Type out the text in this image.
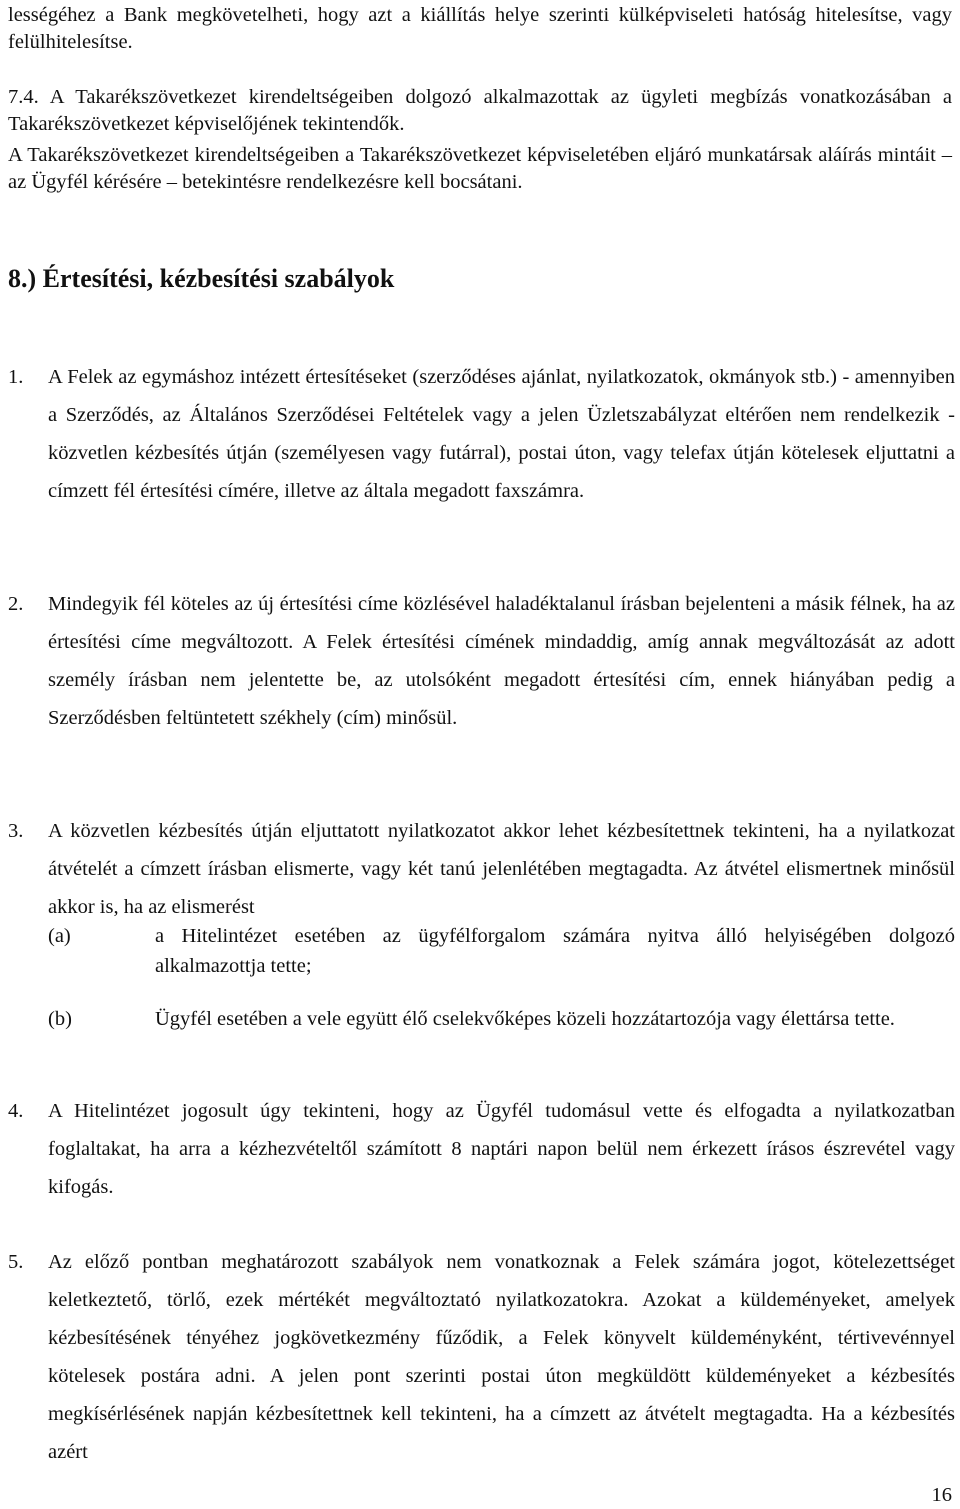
lességéhez a Bank megkövetelheti, hogy azt a kiállítás helye szerinti külképviseleti hatóság hitelesítse, vagy felülhitelesítse.

7.4. A Takarékszövetkezet kirendeltségeiben dolgozó alkalmazottak az ügyleti megbízás vonatkozásában a Takarékszövetkezet képviselőjének tekintendők.

A Takarékszövetkezet kirendeltségeiben a Takarékszövetkezet képviseletében eljáró munkatársak aláírás mintáit – az Ügyfél kérésére – betekintésre rendelkezésre kell bocsátani.

8.) Értesítési, kézbesítési szabályok
1. A Felek az egymáshoz intézett értesítéseket (szerződéses ajánlat, nyilatkozatok, okmányok stb.) - amennyiben a Szerződés, az Általános Szerződései Feltételek vagy a jelen Üzletszabályzat eltérően nem rendelkezik - közvetlen kézbesítés útján (személyesen vagy futárral), postai úton, vagy telefax útján kötelesek eljuttatni a címzett fél értesítési címére, illetve az általa megadott faxszámra.

2. Mindegyik fél köteles az új értesítési címe közlésével haladéktalanul írásban bejelenteni a másik félnek, ha az értesítési címe megváltozott. A Felek értesítési címének mindaddig, amíg annak megváltozását az adott személy írásban nem jelentette be, az utolsóként megadott értesítési cím, ennek hiányában pedig a Szerződésben feltüntetett székhely (cím) minősül.

3. A közvetlen kézbesítés útján eljuttatott nyilatkozatot akkor lehet kézbesítettnek tekinteni, ha a nyilatkozat átvételét a címzett írásban elismerte, vagy két tanú jelenlétében megtagadta. Az átvétel elismertnek minősül akkor is, ha az elismerést

(a)	a Hitelintézet esetében az ügyfélforgalom számára nyitva álló helyiségében dolgozó alkalmazottja tette;

(b)	Ügyfél esetében a vele együtt élő cselekvőképes közeli hozzátartozója vagy élettársa tette.

4. A Hitelintézet jogosult úgy tekinteni, hogy az Ügyfél tudomásul vette és elfogadta a nyilatkozatban foglaltakat, ha arra a kézhezvételtől számított 8 naptári napon belül nem érkezett írásos észrevétel vagy kifogás.

5. Az előző pontban meghatározott szabályok nem vonatkoznak a Felek számára jogot, kötelezettséget keletkeztető, törlő, ezek mértékét megváltoztató nyilatkozatokra. Azokat a küldeményeket, amelyek kézbesítésének tényéhez jogkövetkezmény fűződik, a Felek könyvelt küldeményként, tértivevénnyel kötelesek postára adni. A jelen pont szerinti postai úton megküldött küldeményeket a kézbesítés megkísérlésének napján kézbesítettnek kell tekinteni, ha a címzett az átvételt megtagadta. Ha a kézbesítés azért

16
